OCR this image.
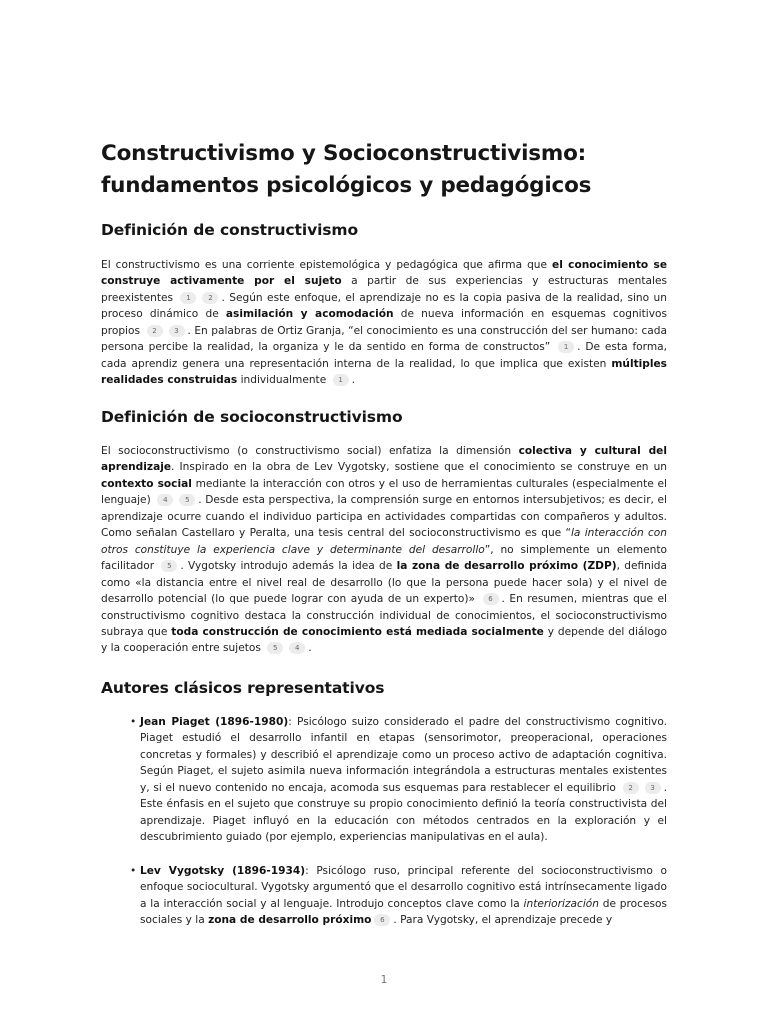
Constructivismo y Socioconstructivismo: fundamentos psicológicos y pedagógicos
Definición de constructivismo

El constructivismo es una corriente epistemológica y pedagógica que afirma que el conocimiento se construye activamente por el sujeto a partir de sus experiencias y estructuras mentales preexistentes 1	2 . Según este enfoque, el aprendizaje no es la copia pasiva de la realidad, sino un proceso dinámico de asimilación y acomodación de nueva información en esquemas cognitivos propios 2	3 . En palabras de Ortiz Granja, “el conocimiento es una construcción del ser humano: cada persona percibe la realidad, la organiza y le da sentido en forma de constructos” 1 . De esta forma, cada aprendiz genera una representación interna de la realidad, lo que implica que existen múltiples realidades construidas individualmente 1 .

Definición de socioconstructivismo

El socioconstructivismo (o constructivismo social) enfatiza la dimensión colectiva y cultural del aprendizaje. Inspirado en la obra de Lev Vygotsky, sostiene que el conocimiento se construye en un contexto social mediante la interacción con otros y el uso de herramientas culturales (especialmente el lenguaje) 4	5 . Desde esta perspectiva, la comprensión surge en entornos intersubjetivos; es decir, el aprendizaje ocurre cuando el individuo participa en actividades compartidas con compañeros y adultos. Como señalan Castellaro y Peralta, una tesis central del socioconstructivismo es que “la interacción con otros constituye la experiencia clave y determinante del desarrollo”, no simplemente un elemento facilitador 5 . Vygotsky introdujo además la idea de la zona de desarrollo próximo (ZDP), definida como «la distancia entre el nivel real de desarrollo (lo que la persona puede hacer sola) y el nivel de desarrollo potencial (lo que puede lograr con ayuda de un experto)» 6 . En resumen, mientras que el constructivismo cognitivo destaca la construcción individual de conocimientos, el socioconstructivismo subraya que toda construcción de conocimiento está mediada socialmente y depende del diálogo y la cooperación entre sujetos 5	4 .

Autores clásicos representativos
• Jean Piaget (1896-1980): Psicólogo suizo considerado el padre del constructivismo cognitivo. Piaget estudió el desarrollo infantil en etapas (sensorimotor, preoperacional, operaciones concretas y formales) y describió el aprendizaje como un proceso activo de adaptación cognitiva. Según Piaget, el sujeto asimila nueva información integrándola a estructuras mentales existentes y, si el nuevo contenido no encaja, acomoda sus esquemas para restablecer el equilibrio 2	3 . Este énfasis en el sujeto que construye su propio conocimiento definió la teoría constructivista del aprendizaje. Piaget influyó en la educación con métodos centrados en la exploración y el descubrimiento guiado (por ejemplo, experiencias manipulativas en el aula).
• Lev Vygotsky (1896-1934): Psicólogo ruso, principal referente del socioconstructivismo o enfoque sociocultural. Vygotsky argumentó que el desarrollo cognitivo está intrínsecamente ligado a la interacción social y al lenguaje. Introdujo conceptos clave como la interiorización de procesos sociales y la zona de desarrollo próximo 6 . Para Vygotsky, el aprendizaje precede y
1
